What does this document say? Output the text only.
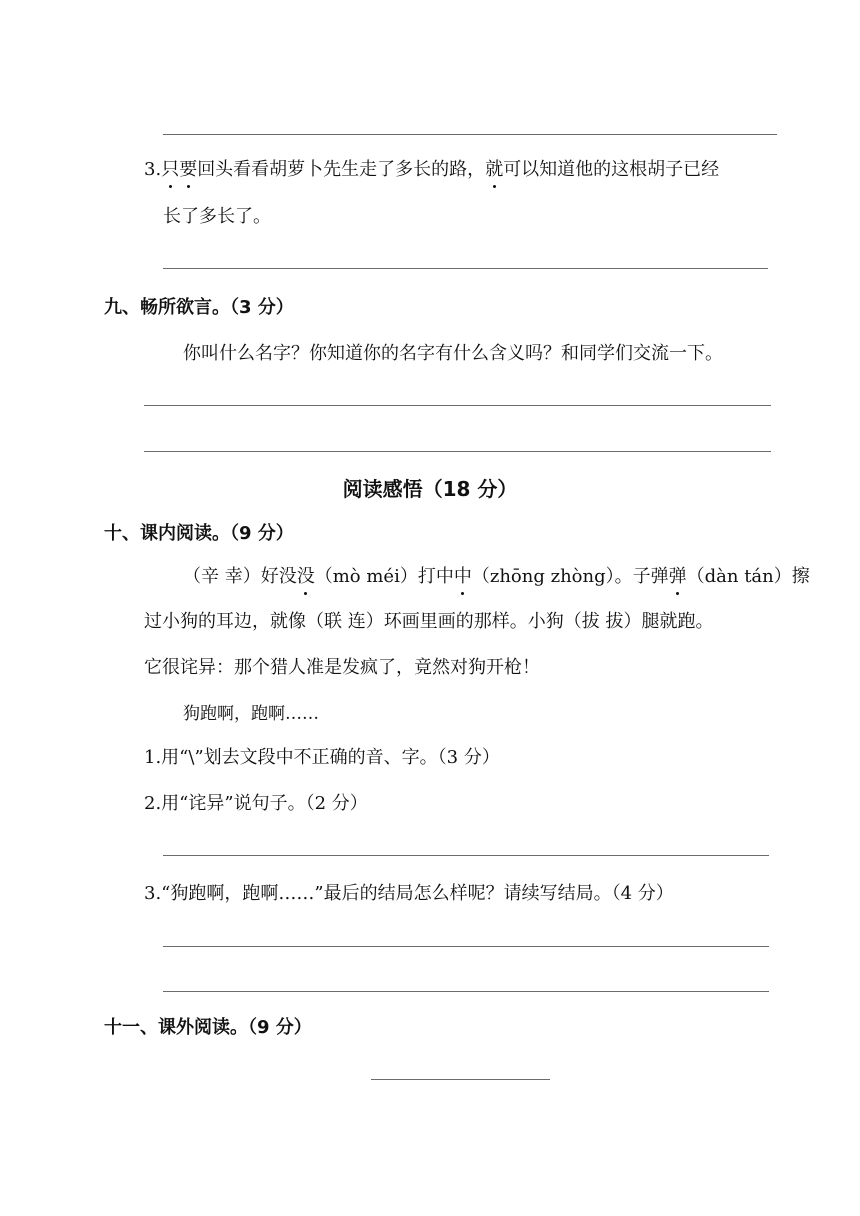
3.只要回头看看胡萝卜先生走了多长的路，就可以知道他的这根胡子已经
长了多长了。
九、畅所欲言。（3 分）
你叫什么名字？你知道你的名字有什么含义吗？和同学们交流一下。
阅读感悟（18 分）
十、课内阅读。（9 分）
（辛 幸）好没没（mò méi）打中中（zhōng zhòng）。子弹弹（dàn tán）擦
过小狗的耳边，就像（联 连）环画里画的那样。小狗（拔 拔）腿就跑。
它很诧异：那个猎人准是发疯了，竟然对狗开枪！
狗跑啊，跑啊……
1.用“\”划去文段中不正确的音、字。（3 分）
2.用“诧异”说句子。（2 分）
3.“狗跑啊，跑啊……”最后的结局怎么样呢？请续写结局。（4 分）
十一、课外阅读。（9 分）
